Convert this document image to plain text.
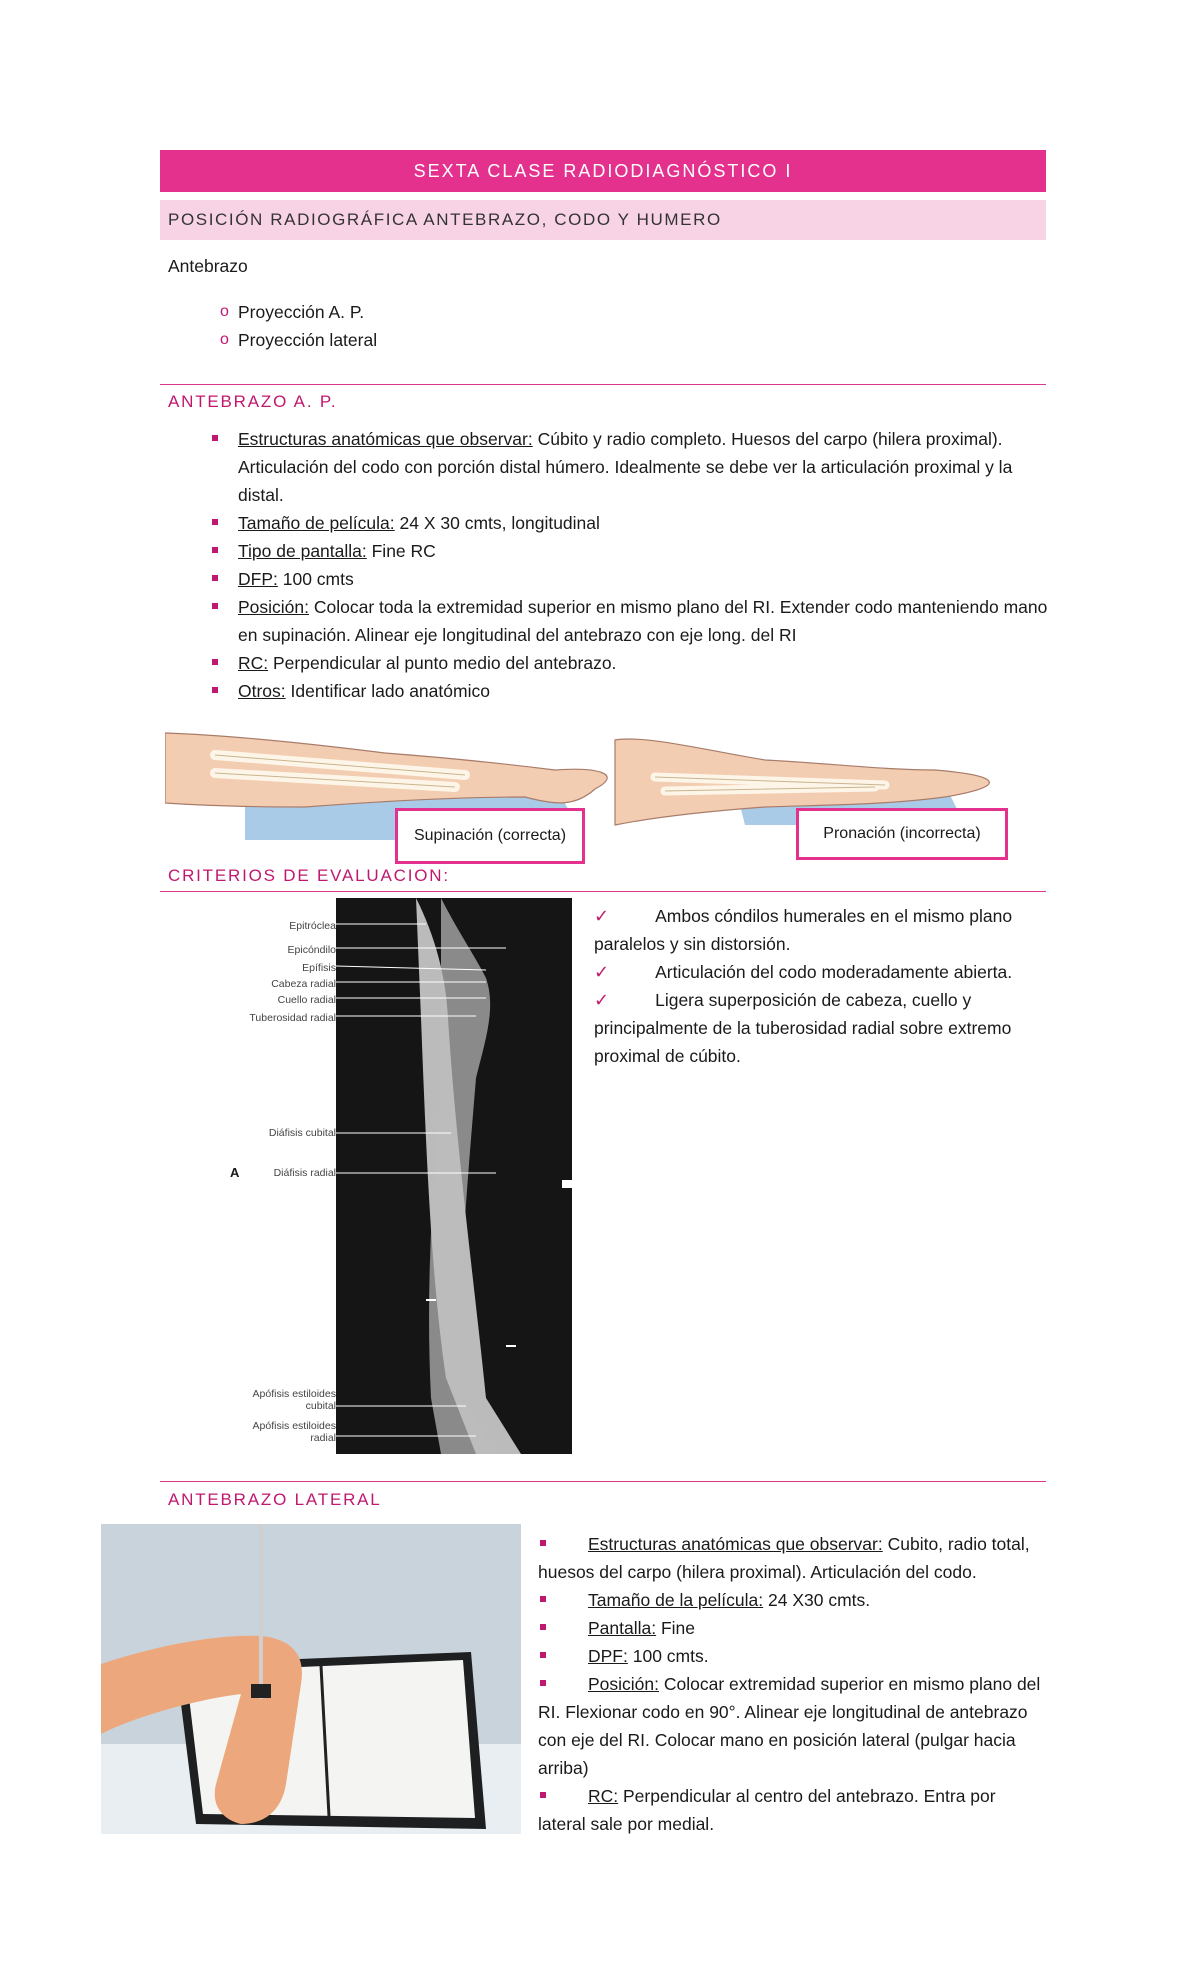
SEXTA CLASE RADIODIAGNÓSTICO I
POSICIÓN RADIOGRÁFICA ANTEBRAZO, CODO Y HUMERO
Antebrazo
o Proyección A. P.
o Proyección lateral
ANTEBRAZO A. P.
Estructuras anatómicas que observar: Cúbito y radio completo. Huesos del carpo (hilera proximal). Articulación del codo con porción distal húmero. Idealmente se debe ver la articulación proximal y la distal.
Tamaño de película: 24 X 30 cmts, longitudinal
Tipo de pantalla: Fine RC
DFP: 100 cmts
Posición: Colocar toda la extremidad superior en mismo plano del RI. Extender codo manteniendo mano en supinación. Alinear eje longitudinal del antebrazo con eje long. del RI
RC: Perpendicular al punto medio del antebrazo.
Otros: Identificar lado anatómico
Supinación (correcta)	Pronación (incorrecta)
CRITERIOS DE EVALUACION:
Epitróclea
Epicóndilo
Epífisis
Cabeza radial
Cuello radial
Tuberosidad radial
Diáfisis cubital
Diáfisis radial
Apófisis estiloides cubital
Apófisis estiloides radial
A
✓	Ambos cóndilos humerales en el mismo plano paralelos y sin distorsión.
✓	Articulación del codo moderadamente abierta.
✓	Ligera superposición de cabeza, cuello y principalmente de la tuberosidad radial sobre extremo proximal de cúbito.
ANTEBRAZO LATERAL
Estructuras anatómicas que observar: Cubito, radio total, huesos del carpo (hilera proximal). Articulación del codo.
Tamaño de la película: 24 X30 cmts.
Pantalla: Fine
DPF: 100 cmts.
Posición: Colocar extremidad superior en mismo plano del RI. Flexionar codo en 90°. Alinear eje longitudinal de antebrazo con eje del RI. Colocar mano en posición lateral (pulgar hacia arriba)
RC: Perpendicular al centro del antebrazo. Entra por lateral sale por medial.
